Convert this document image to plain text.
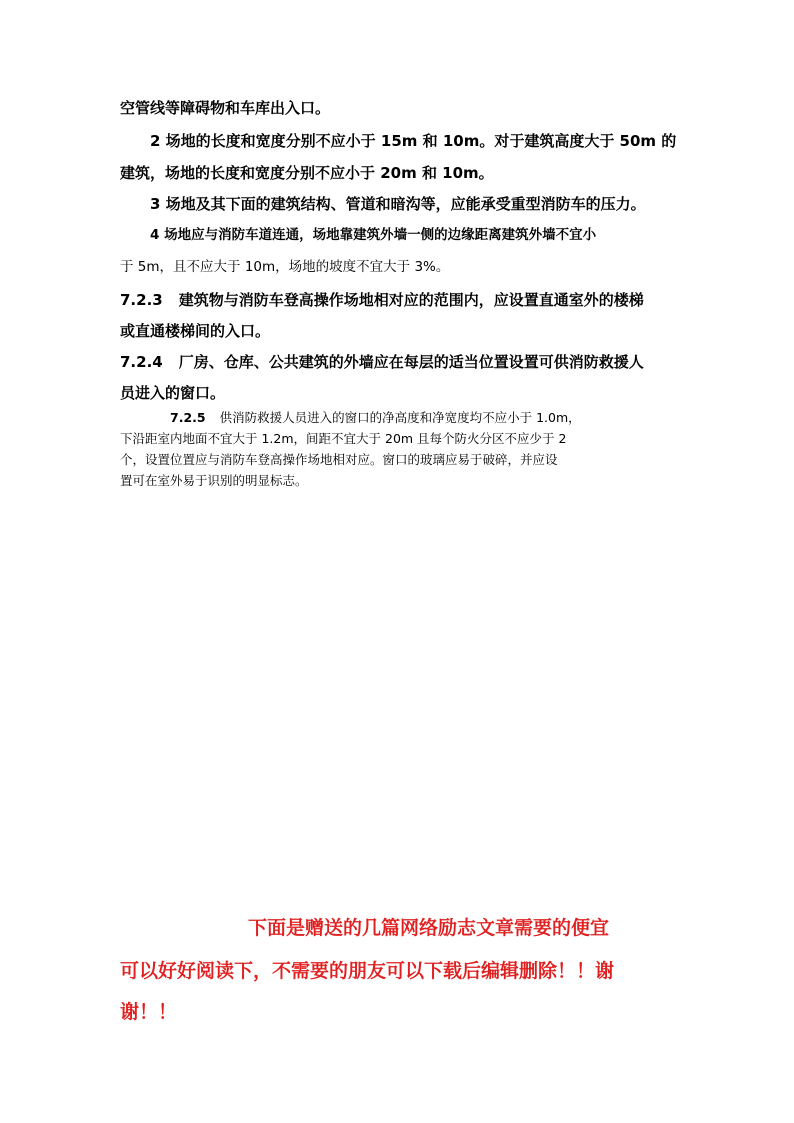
空管线等障碍物和车库出入口。
2 场地的长度和宽度分别不应小于 15m 和 10m。对于建筑高度大于 50m 的
建筑，场地的长度和宽度分别不应小于 20m 和 10m。
3 场地及其下面的建筑结构、管道和暗沟等，应能承受重型消防车的压力。
4 场地应与消防车道连通，场地靠建筑外墙一侧的边缘距离建筑外墙不宜小
于 5m，且不应大于 10m，场地的坡度不宜大于 3%。
7.2.3 建筑物与消防车登高操作场地相对应的范围内，应设置直通室外的楼梯
或直通楼梯间的入口。
7.2.4 厂房、仓库、公共建筑的外墙应在每层的适当位置设置可供消防救援人
员进入的窗口。
7.2.5 供消防救援人员进入的窗口的净高度和净宽度均不应小于 1.0m，
下沿距室内地面不宜大于 1.2m，间距不宜大于 20m 且每个防火分区不应少于 2
个，设置位置应与消防车登高操作场地相对应。窗口的玻璃应易于破碎，并应设
置可在室外易于识别的明显标志。
下面是赠送的几篇网络励志文章需要的便宜
可以好好阅读下，不需要的朋友可以下载后编辑删除！！谢
谢！！
